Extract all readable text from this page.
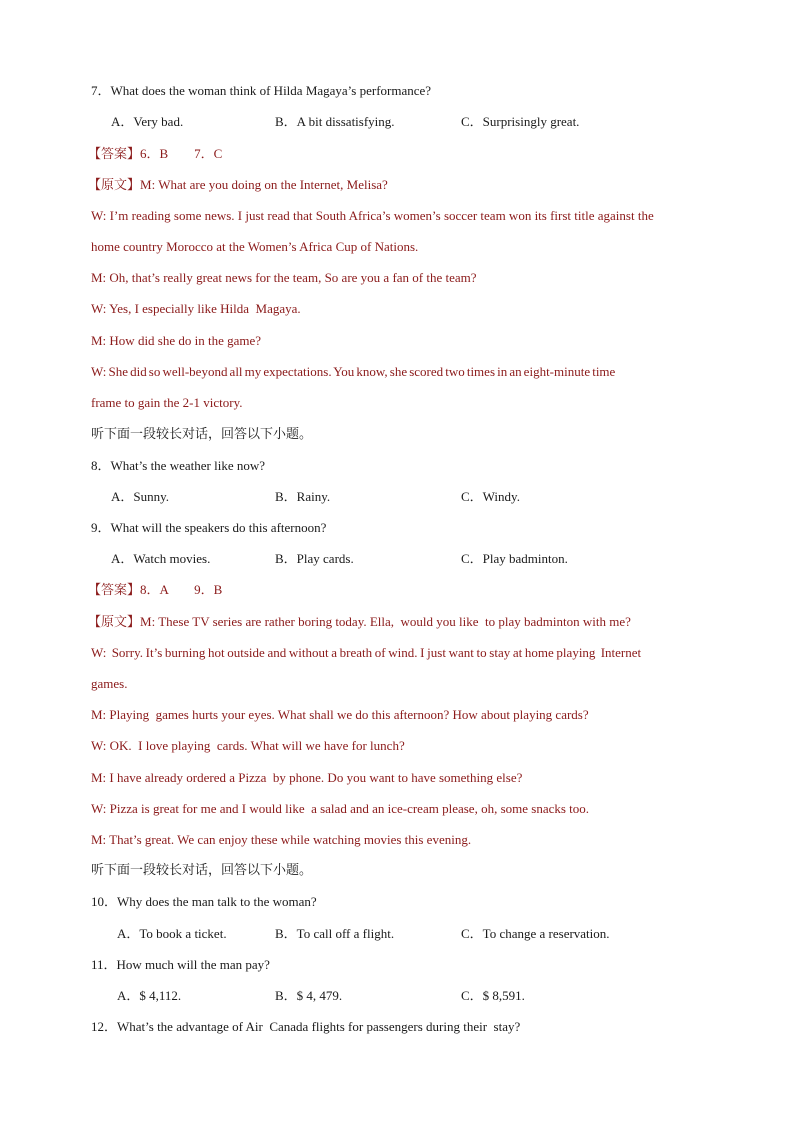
7．What does the woman think of Hilda Magaya’s performance?
A．Very bad.	B．A bit dissatisfying.	C．Surprisingly great.
【答案】6．B        7．C
【原文】M: What are you doing on the Internet, Melisa?
W: I’m reading some news. I just read that South Africa’s women’s soccer team won its first title against the
home country Morocco at the Women’s Africa Cup of Nations.
M: Oh, that’s really great news for the team, So are you a fan of the team?
W: Yes, I especially like Hilda  Magaya.
M: How did she do in the game?
W:  She  did  so  well-beyond  all  my  expectations.  You  know,  she  scored  two  times  in  an  eight-minute  time
frame to gain the 2-1 victory.
听下面一段较长对话，回答以下小题。
8．What’s the weather like now?
A．Sunny.	B．Rainy.	C．Windy.
9．What will the speakers do this afternoon?
A．Watch movies.	B．Play cards.	C．Play badminton.
【答案】8．A        9．B
【原文】M: These TV series are rather boring today. Ella,  would you like  to play badminton with me?
W:  Sorry. It’s burning hot outside and without a breath of wind. I just want to stay at home playing  Internet
games.
M: Playing  games hurts your eyes. What shall we do this afternoon? How about playing cards?
W: OK.  I love playing  cards. What will we have for lunch?
M: I have already ordered a Pizza  by phone. Do you want to have something else?
W: Pizza is great for me and I would like  a salad and an ice-cream please, oh, some snacks too.
M: That’s great. We can enjoy these while watching movies this evening.
听下面一段较长对话，回答以下小题。
10．Why does the man talk to the woman?
A．To book a ticket.	B．To call off a flight.	C．To change a reservation.
11．How much will the man pay?
A．$ 4,112.	B．$ 4, 479.	C．$ 8,591.
12．What’s the advantage of Air  Canada flights for passengers during their  stay?
